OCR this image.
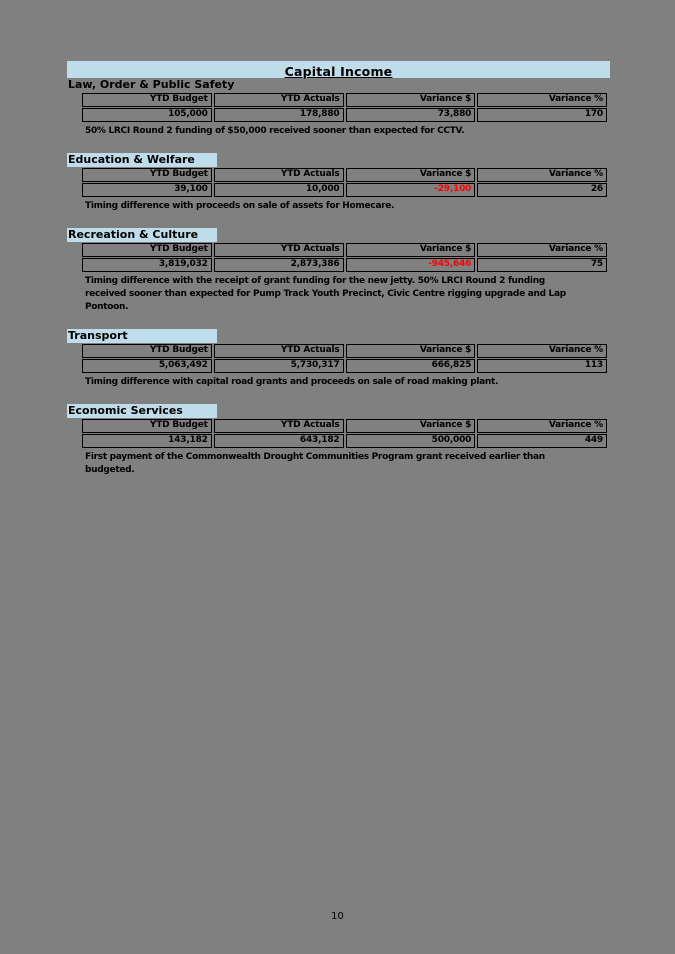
Capital Income
Law, Order & Public Safety
YTD Budget	YTD Actuals	Variance $	Variance %
105,000	178,880	73,880	170
50% LRCI Round 2 funding of $50,000 received sooner than expected for CCTV.
Education & Welfare
YTD Budget	YTD Actuals	Variance $	Variance %
39,100	10,000	-29,100	26
Timing difference with proceeds on sale of assets for Homecare.
Recreation & Culture
YTD Budget	YTD Actuals	Variance $	Variance %
3,819,032	2,873,386	-945,646	75
Timing difference with the receipt of grant funding for the new jetty. 50% LRCI Round 2 funding received sooner than expected for Pump Track Youth Precinct, Civic Centre rigging upgrade and Lap Pontoon.
Transport
YTD Budget	YTD Actuals	Variance $	Variance %
5,063,492	5,730,317	666,825	113
Timing difference with capital road grants and proceeds on sale of road making plant.
Economic Services
YTD Budget	YTD Actuals	Variance $	Variance %
143,182	643,182	500,000	449
First payment of the Commonwealth Drought Communities Program grant received earlier than budgeted.
10
